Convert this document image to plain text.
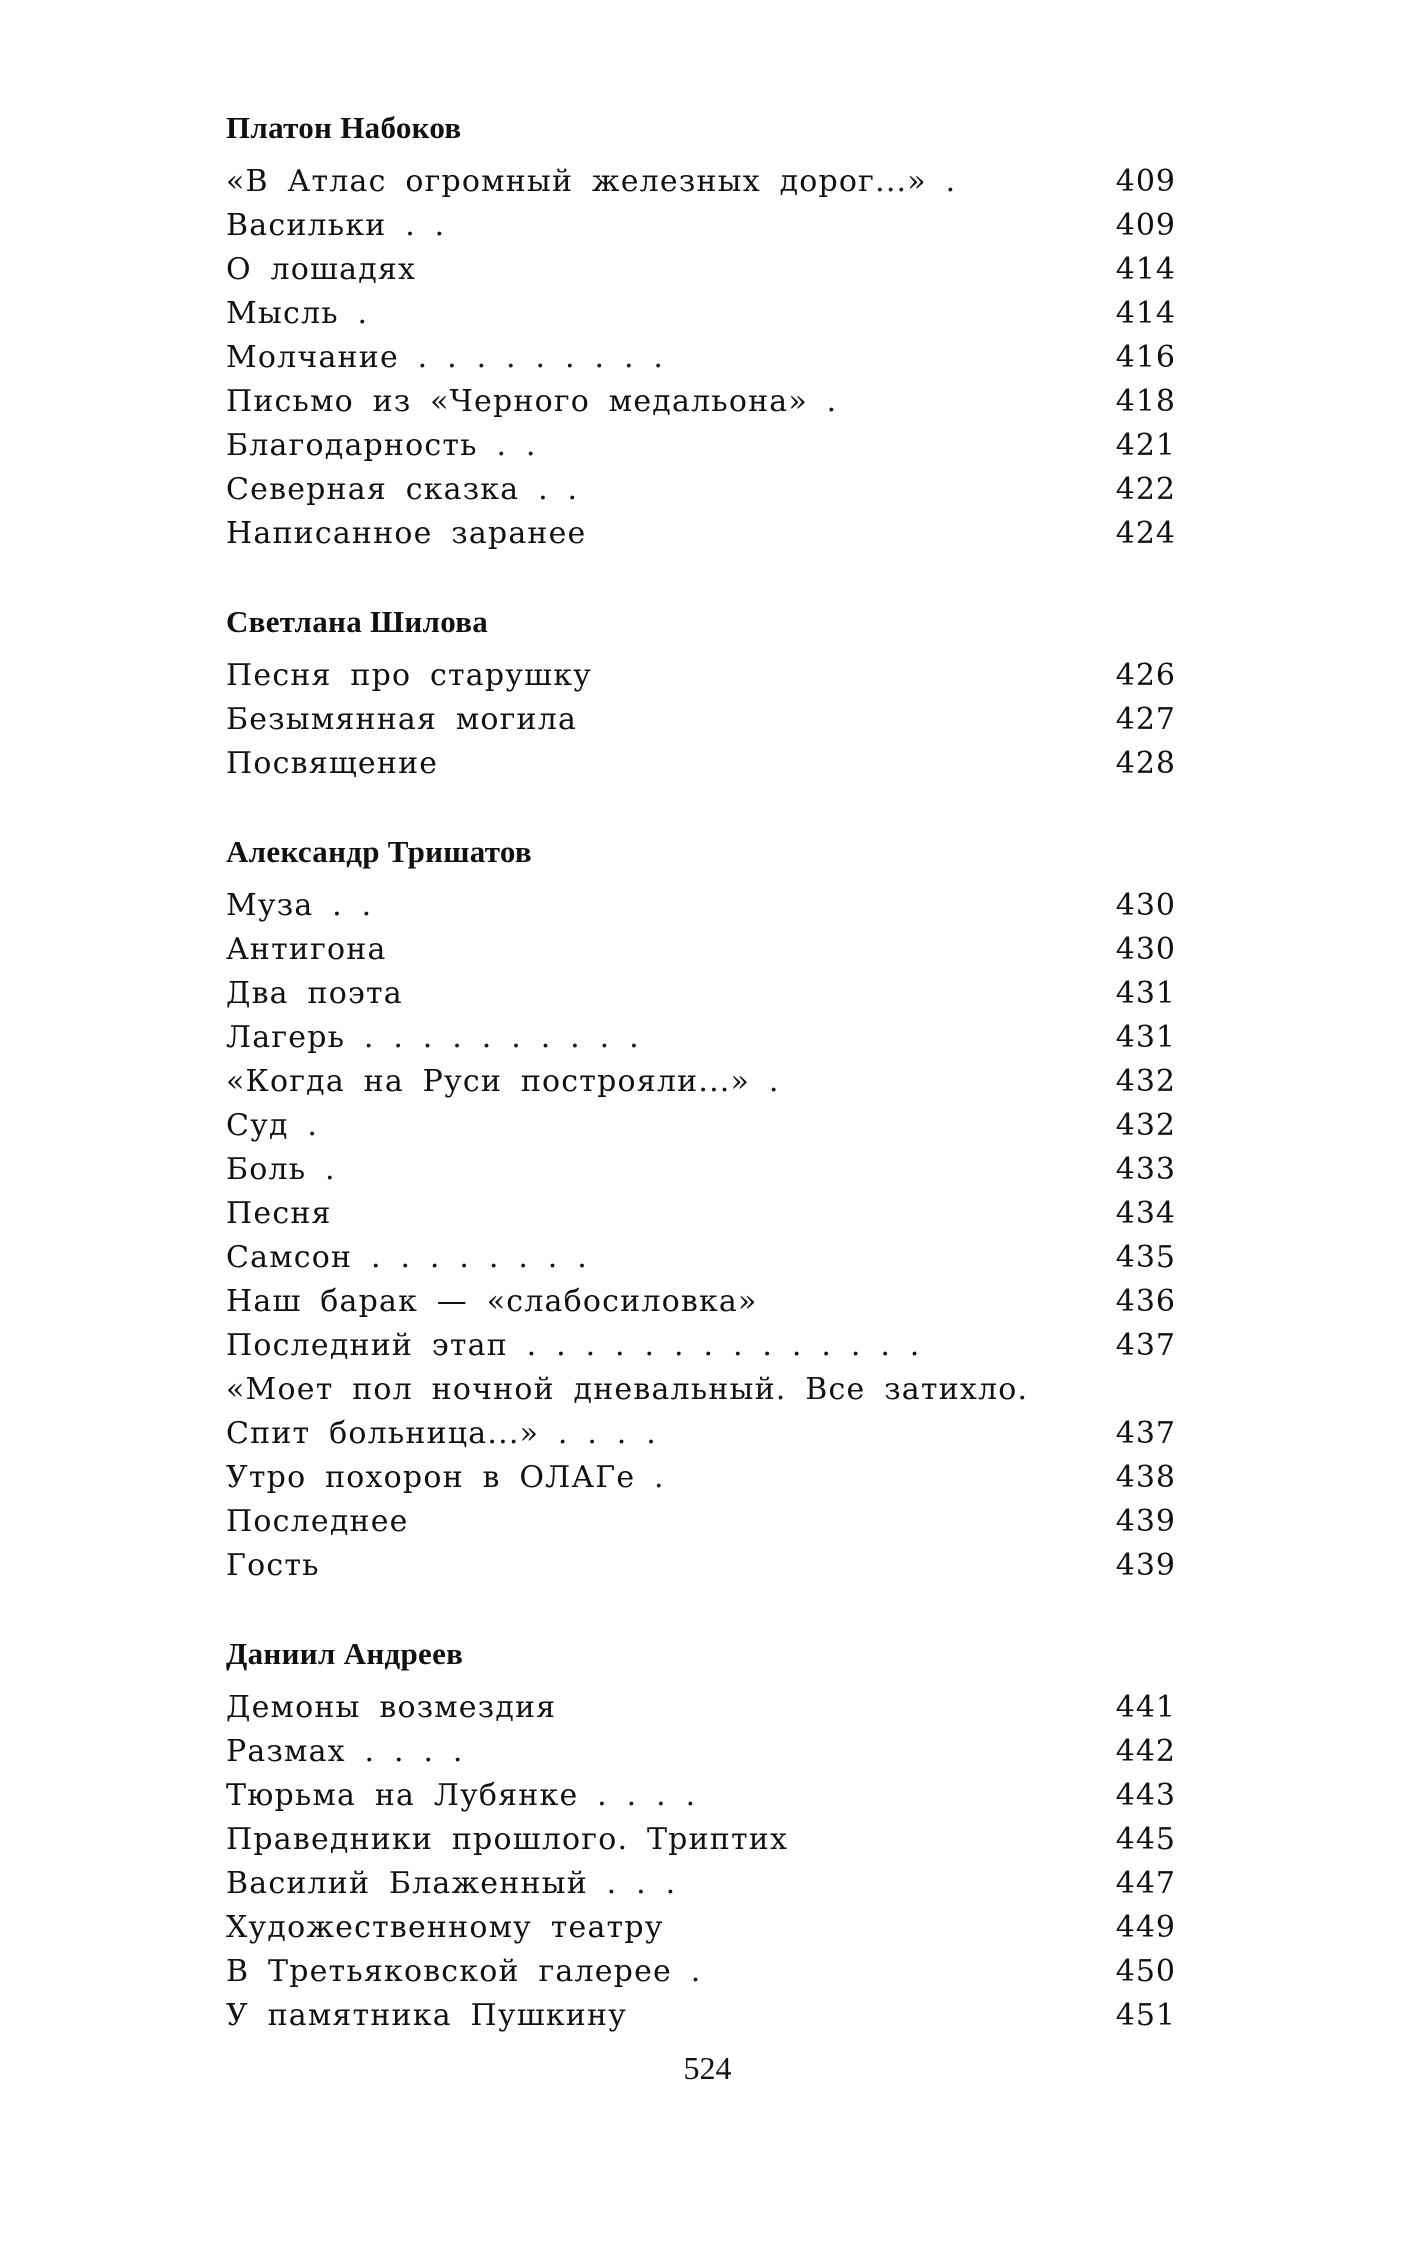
Платон Набоков
«В Атлас огромный железных дорог...» .	409
Васильки . .	409
О лошадях	414
Мысль .	414
Молчание . . . . . . . . .	416
Письмо из «Черного медальона» .	418
Благодарность . .	421
Северная сказка . .	422
Написанное заранее	424
Светлана Шилова
Песня про старушку	426
Безымянная могила	427
Посвящение	428
Александр Тришатов
Муза . .	430
Антигона	430
Два поэта	431
Лагерь . . . . . . . . . .	431
«Когда на Руси построяли...» .	432
Суд .	432
Боль .	433
Песня	434
Самсон . . . . . . . .	435
Наш барак — «слабосиловка»	436
Последний этап . . . . . . . . . . . . . .	437
«Моет пол ночной дневальный. Все затихло.
Спит больница...» . . . .	437
Утро похорон в ОЛАГе .	438
Последнее	439
Гость	439
Даниил Андреев
Демоны возмездия	441
Размах . . . .	442
Тюрьма на Лубянке . . . .	443
Праведники прошлого. Триптих	445
Василий Блаженный . . .	447
Художественному театру	449
В Третьяковской галерее .	450
У памятника Пушкину	451
524
